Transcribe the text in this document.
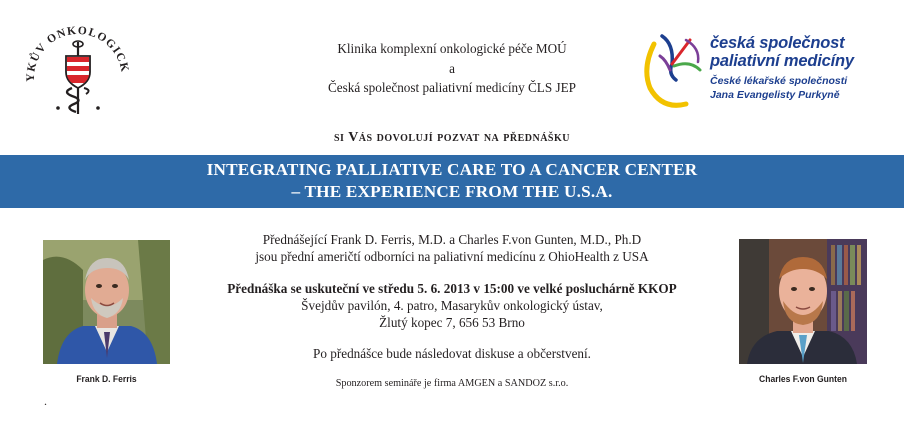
YKŮV ONKOLOGICK
Klinika komplexní onkologické péče MOÚ
a
Česká společnost paliativní medicíny ČLS JEP
česká společnost
paliativní medicíny
České lékařské společnosti
Jana Evangelisty Purkyně
si Vás dovolují pozvat na přednášku
INTEGRATING PALLIATIVE CARE TO A CANCER CENTER
– THE EXPERIENCE FROM THE U.S.A.
Frank D. Ferris	Charles F.von Gunten
Přednášející Frank D. Ferris, M.D. a Charles F.von Gunten, M.D., Ph.D
jsou přední američtí odborníci na paliativní medicínu z OhioHealth z USA
Přednáška se uskuteční ve středu 5. 6. 2013 v 15:00 ve velké posluchárně KKOP
Švejdův pavilón, 4. patro, Masarykův onkologický ústav,
Žlutý kopec 7, 656 53 Brno
Po přednášce bude následovat diskuse a občerstvení.
Sponzorem semináře je firma AMGEN a SANDOZ s.r.o.
.
